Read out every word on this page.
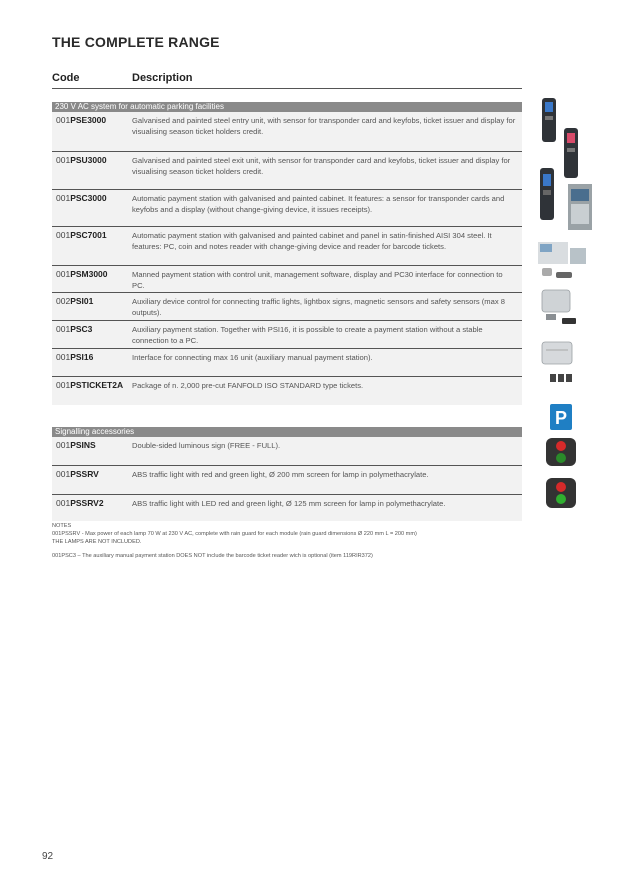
THE COMPLETE RANGE
Code	Description
230 V AC system for automatic parking facilities
001PSE3000	Galvanised and painted steel entry unit, with sensor for transponder card and keyfobs, ticket issuer and display for visualising season ticket holders credit.
001PSU3000	Galvanised and painted steel exit unit, with sensor for transponder card and keyfobs, ticket issuer and display for visualising season ticket holders credit.
001PSC3000	Automatic payment station with galvanised and painted cabinet. It features: a sensor for transponder cards and keyfobs and a display (without change-giving device, it issues receipts).
001PSC7001	Automatic payment station with galvanised and painted cabinet and panel in satin-finished AISI 304 steel. It features: PC, coin and notes reader with change-giving device and reader for barcode tickets.
001PSM3000	Manned payment station with control unit, management software, display and PC30 interface for connection to PC.
002PSI01	Auxiliary device control for connecting traffic lights, lightbox signs, magnetic sensors and safety sensors (max 8 outputs).
001PSC3	Auxiliary payment station. Together with PSI16, it is possible to create a payment station without a stable connection to a PC.
001PSI16	Interface for connecting max 16 unit (auxiliary manual payment station).
001PSTICKET2A Package of n. 2,000 pre-cut FANFOLD ISO STANDARD type tickets.
Signalling accessories
001PSINS	Double-sided luminous sign (FREE - FULL).
001PSSRV	ABS traffic light with red and green light, Ø 200 mm screen for lamp in polymethacrylate.
001PSSRV2	ABS traffic light with LED red and green light, Ø 125 mm screen for lamp in polymethacrylate.

NOTES

001PSSRV - Max power of each lamp 70 W at 230 V AC, complete with rain guard for each module (rain guard dimensions Ø 220 mm L = 200 mm)

THE LAMPS ARE NOT INCLUDED.

001PSC3 – The auxiliary manual payment station DOES NOT include the barcode ticket reader wich is optional (item 119RIR372)

P
92
